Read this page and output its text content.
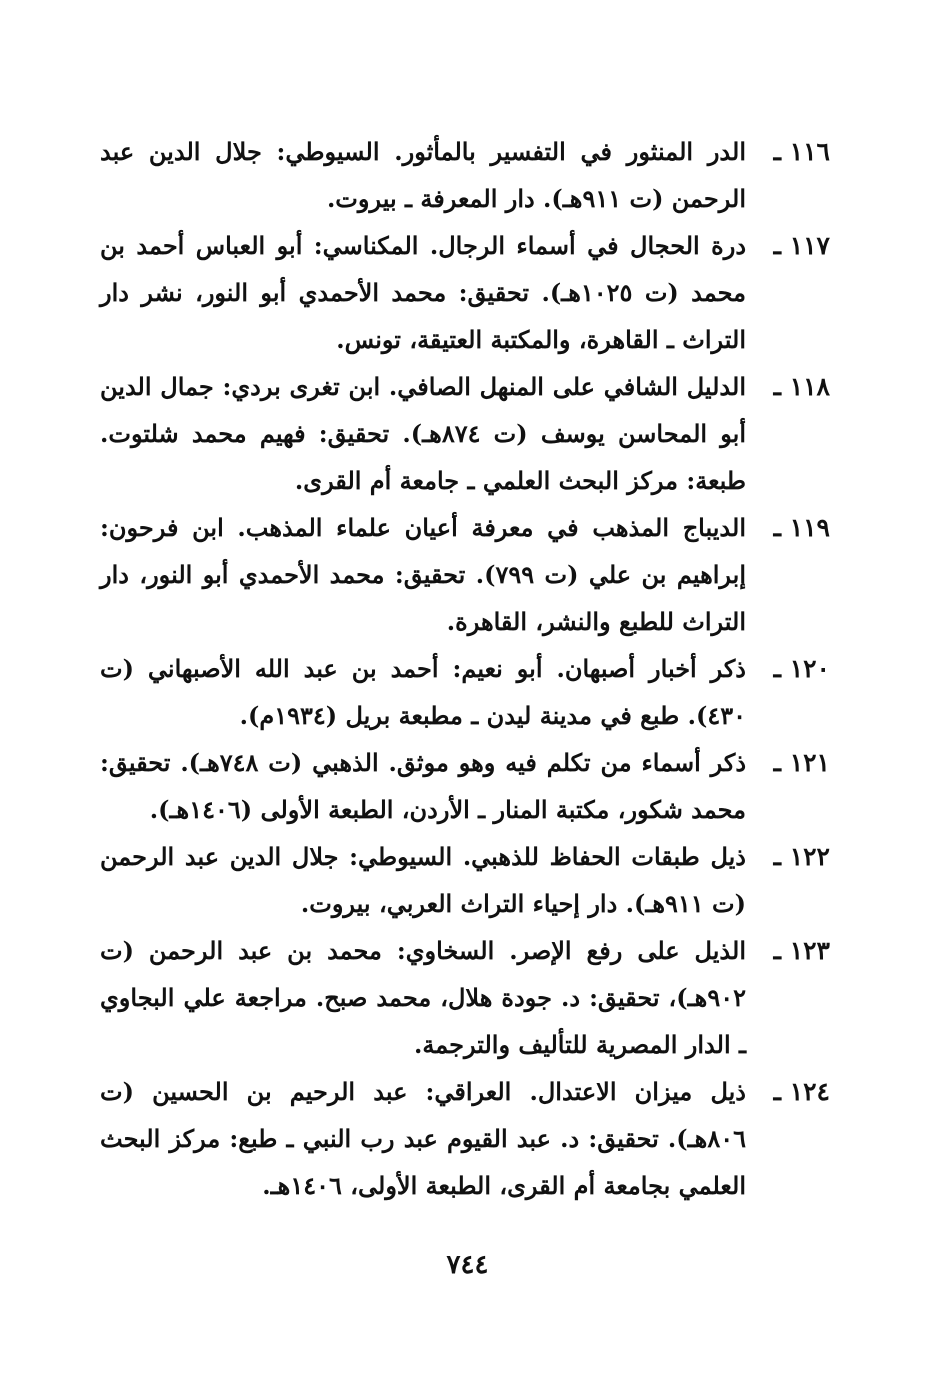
١١٦ ـ
الدر المنثور في التفسير بالمأثور. السيوطي: جلال الدين عبد الرحمن (ت ٩١١هـ). دار المعرفة ـ بيروت.
١١٧ ـ
درة الحجال في أسماء الرجال. المكناسي: أبو العباس أحمد بن محمد (ت ١٠٢٥هـ). تحقيق: محمد الأحمدي أبو النور، نشر دار التراث ـ القاهرة، والمكتبة العتيقة، تونس.
١١٨ ـ
الدليل الشافي على المنهل الصافي. ابن تغرى بردي: جمال الدين أبو المحاسن يوسف (ت ٨٧٤هـ). تحقيق: فهيم محمد شلتوت. طبعة: مركز البحث العلمي ـ جامعة أم القرى.
١١٩ ـ
الديباج المذهب في معرفة أعيان علماء المذهب. ابن فرحون: إبراهيم بن علي (ت ٧٩٩). تحقيق: محمد الأحمدي أبو النور، دار التراث للطبع والنشر، القاهرة.
١٢٠ ـ
ذكر أخبار أصبهان. أبو نعيم: أحمد بن عبد الله الأصبهاني (ت ٤٣٠). طبع في مدينة ليدن ـ مطبعة بريل (١٩٣٤م).
١٢١ ـ
ذكر أسماء من تكلم فيه وهو موثق. الذهبي (ت ٧٤٨هـ). تحقيق: محمد شكور، مكتبة المنار ـ الأردن، الطبعة الأولى (١٤٠٦هـ).
١٢٢ ـ
ذيل طبقات الحفاظ للذهبي. السيوطي: جلال الدين عبد الرحمن (ت ٩١١هـ). دار إحياء التراث العربي، بيروت.
١٢٣ ـ
الذيل على رفع الإصر. السخاوي: محمد بن عبد الرحمن (ت ٩٠٢هـ)، تحقيق: د. جودة هلال، محمد صبح. مراجعة علي البجاوي ـ الدار المصرية للتأليف والترجمة.
١٢٤ ـ
ذيل ميزان الاعتدال. العراقي: عبد الرحيم بن الحسين (ت ٨٠٦هـ). تحقيق: د. عبد القيوم عبد رب النبي ـ طبع: مركز البحث العلمي بجامعة أم القرى، الطبعة الأولى، ١٤٠٦هـ.
٧٤٤
